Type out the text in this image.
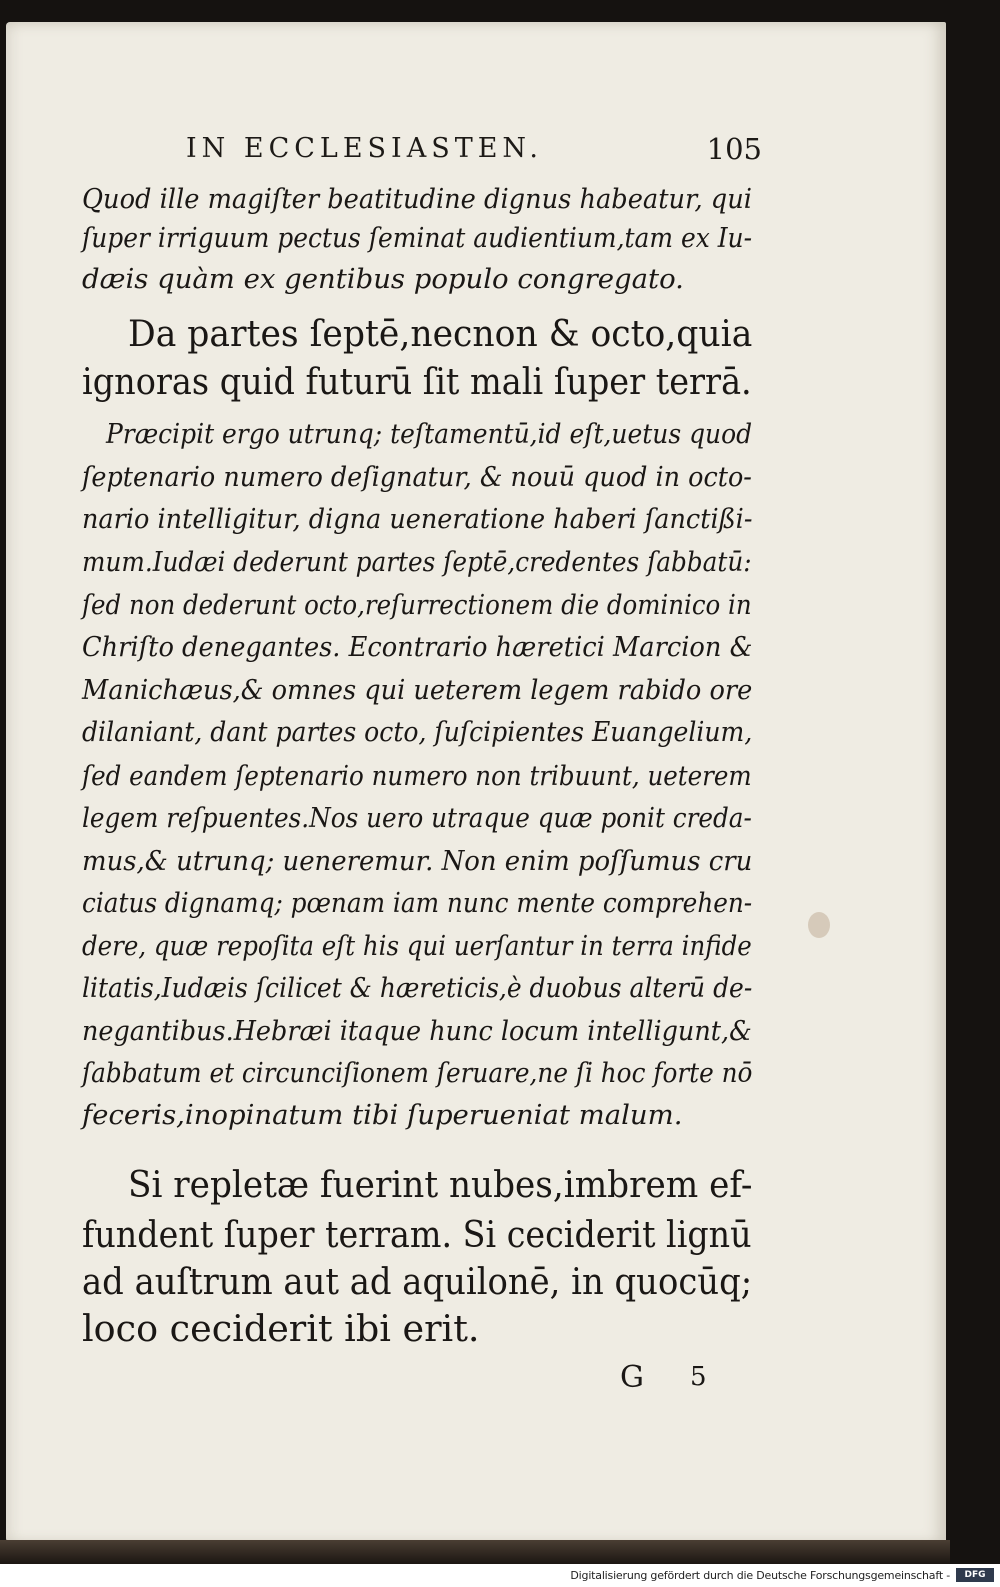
IN ECCLESIASTEN.	105
Quod ille magiſter beatitudine dignus habeatur, qui
ſuper irriguum pectus ſeminat audientium,tam ex Iu-
dæis quàm ex gentibus populo congregato.
Da partes ſeptē,necnon & octo,quia
ignoras quid futurū ſit mali ſuper terrā.
Præcipit ergo utrunq; teſtamentū,id eſt,uetus quod
ſeptenario numero deſignatur, & nouū quod in octo-
nario intelligitur, digna ueneratione haberi ſanctißi-
mum.Iudæi dederunt partes ſeptē,credentes ſabbatū:
ſed non dederunt octo,reſurrectionem die dominico in
Chriſto denegantes. Econtrario hæretici Marcion &
Manichæus,& omnes qui ueterem legem rabido ore
dilaniant, dant partes octo, ſuſcipientes Euangelium,
ſed eandem ſeptenario numero non tribuunt, ueterem
legem reſpuentes.Nos uero utraque quæ ponit creda-
mus,& utrunq; ueneremur. Non enim poſſumus cru
ciatus dignamq; pœnam iam nunc mente comprehen-
dere, quæ repoſita eſt his qui uerſantur in terra infide
litatis,Iudæis ſcilicet & hæreticis,è duobus alterū de-
negantibus.Hebræi itaque hunc locum intelligunt,&
ſabbatum et circunciſionem ſeruare,ne ſi hoc forte nō
feceris,inopinatum tibi ſuperueniat malum.
Si repletæ fuerint nubes,imbrem ef-
fundent ſuper terram. Si ceciderit lignū
ad auſtrum aut ad aquilonē, in quocūq;
loco ceciderit ibi erit.
G 5
Digitalisierung gefördert durch die Deutsche Forschungsgemeinschaft -	DFG
